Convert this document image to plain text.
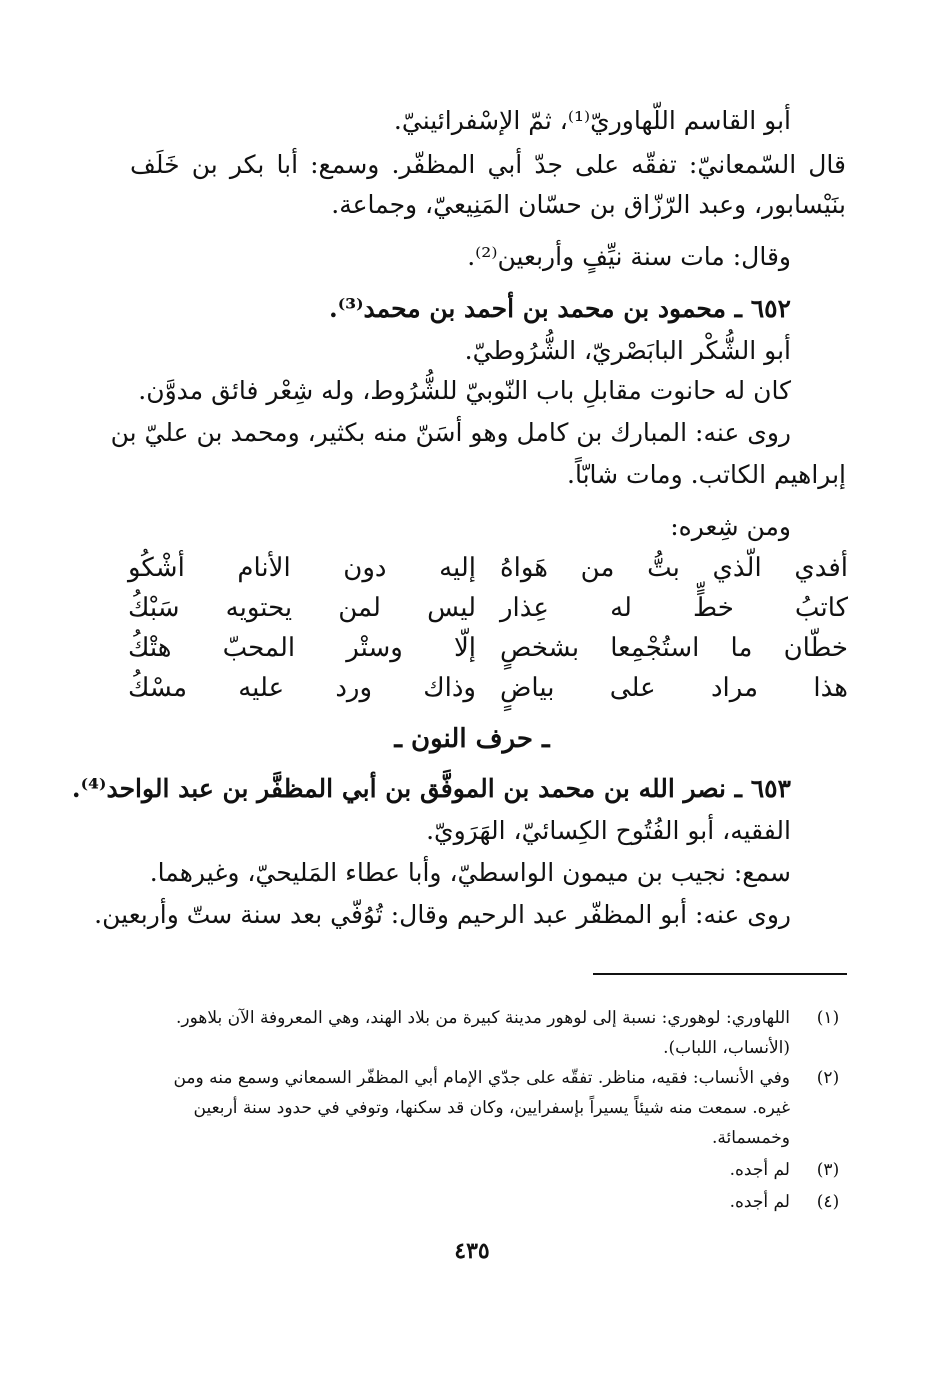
أبو القاسم اللّهاوريّ⁽¹⁾، ثمّ الإسْفرائينيّ.
قال السّمعانيّ: تفقّه على جدّ أبي المظفّر. وسمع: أبا بكر بن خَلَف
بنَيْسابور، وعبد الرّزّاق بن حسّان المَنِيعيّ، وجماعة.
وقال: مات سنة نيِّفٍ وأربعين⁽²⁾.
٦٥٢ ـ محمود بن محمد بن أحمد بن محمد⁽³⁾.
أبو الشُّكْر البابَصْريّ، الشُّرُوطيّ.
كان له حانوت مقابلِ باب النّوبيّ للشُّرُوط، وله شِعْر فائق مدوَّن.
روى عنه: المبارك بن كامل وهو أسَنّ منه بكثير، ومحمد بن عليّ بن
إبراهيم الكاتب. ومات شابّاً.
ومن شِعره:
أفدي الّذي بتُّ من هَواهُ
إليه دون الأنام أشْكُو
كاتبُ خطٍّ له عِذار
ليس لمن يحتويه سَبْكُ
خطّان ما استُجْمِعا بشخصٍ
إلّا وستْر المحبّ هتْكُ
هذا مراد على بياضٍ
وذاك ورد عليه مسْكُ
ـ حرف النون ـ
٦٥٣ ـ نصر الله بن محمد بن الموفَّق بن أبي المظفَّر بن عبد الواحد⁽⁴⁾.
الفقيه، أبو الفُتُوح الكِسائيّ، الهَرَويّ.
سمع: نجيب بن ميمون الواسطيّ، وأبا عطاء المَليحيّ، وغيرهما.
روى عنه: أبو المظفّر عبد الرحيم وقال: تُوُفّي بعد سنة ستّ وأربعين.
(١)
اللهاوري: لوهوري: نسبة إلى لوهور مدينة كبيرة من بلاد الهند، وهي المعروفة الآن بلاهور.
(الأنساب، اللباب).
(٢)
وفي الأنساب: فقيه، مناظر. تفقّه على جدّي الإمام أبي المظفّر السمعاني وسمع منه ومن
غيره. سمعت منه شيئاً يسيراً بإسفرايين، وكان قد سكنها، وتوفي في حدود سنة أربعين
وخمسمائة.
(٣)
لم أجده.
(٤)
لم أجده.
٤٣٥
